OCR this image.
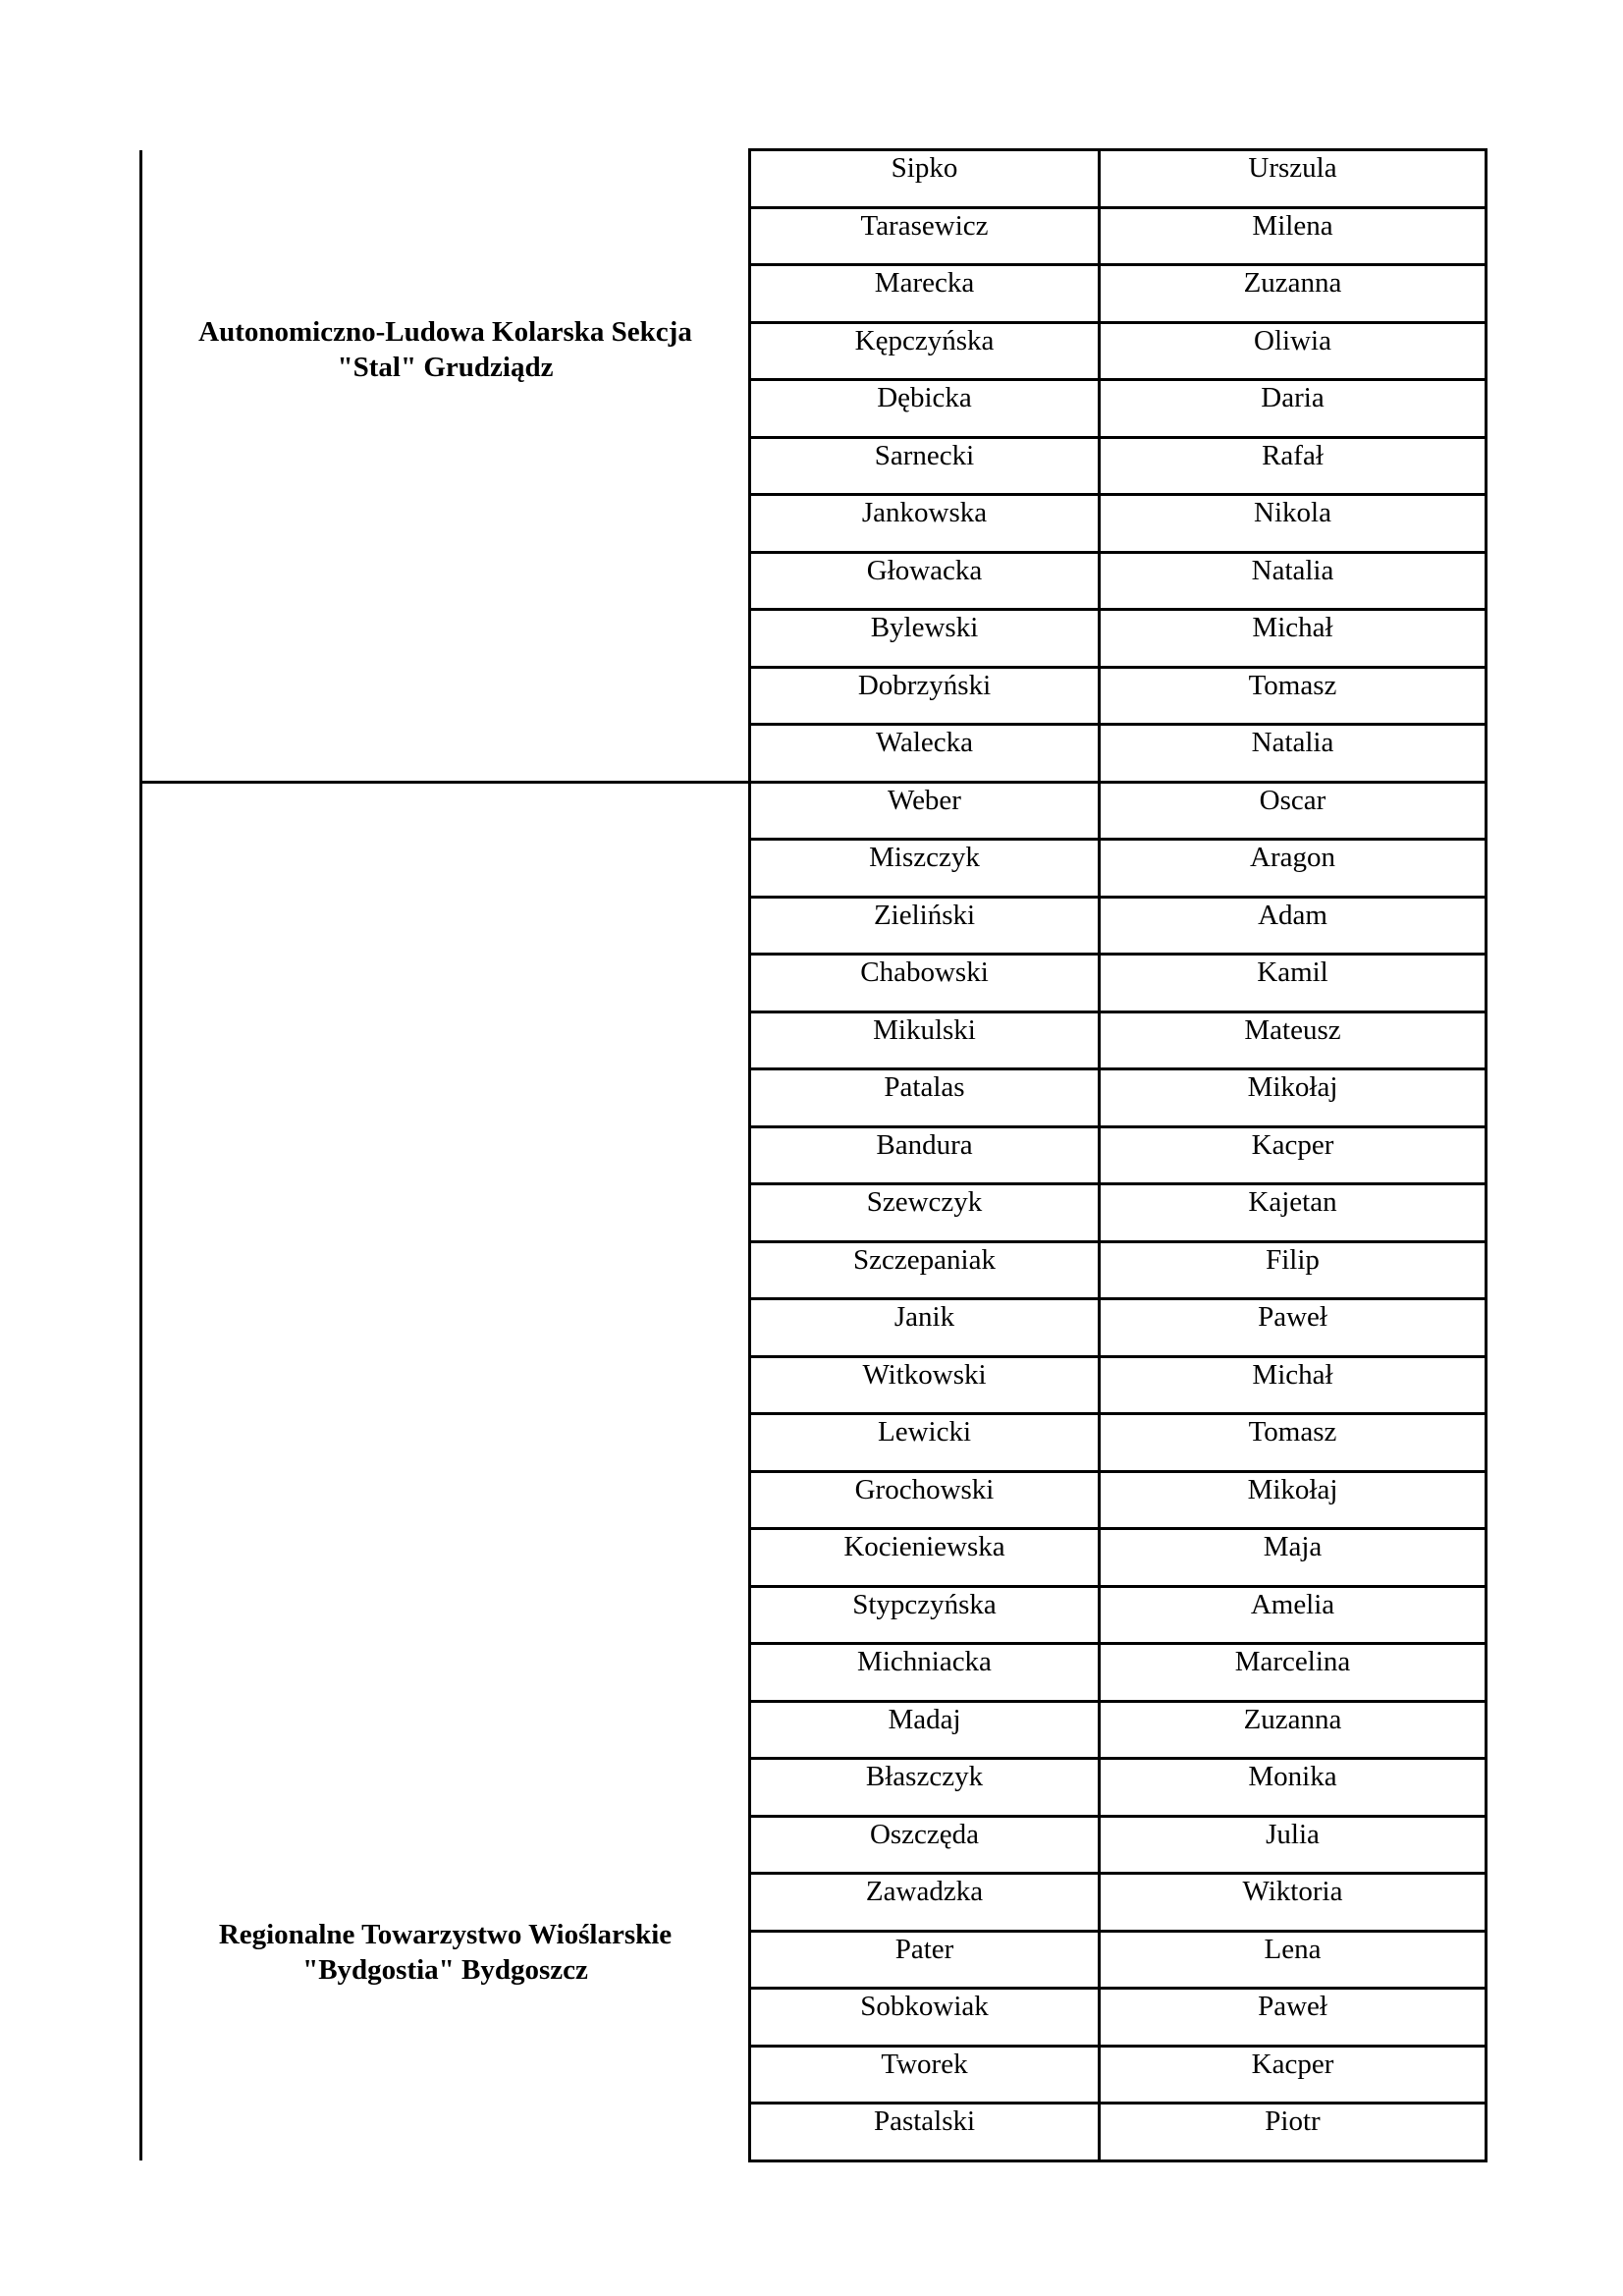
Autonomiczno-Ludowa Kolarska Sekcja
"Stal" Grudziądz	Sipko	Urszula
	Tarasewicz	Milena
	Marecka	Zuzanna
	Kępczyńska	Oliwia
	Dębicka	Daria
	Sarnecki	Rafał
	Jankowska	Nikola
	Głowacka	Natalia
	Bylewski	Michał
	Dobrzyński	Tomasz
	Walecka	Natalia

Regionalne Towarzystwo Wioślarskie
"Bydgostia" Bydgoszcz	Weber	Oscar
	Miszczyk	Aragon
	Zieliński	Adam
	Chabowski	Kamil
	Mikulski	Mateusz
	Patalas	Mikołaj
	Bandura	Kacper
	Szewczyk	Kajetan
	Szczepaniak	Filip
	Janik	Paweł
	Witkowski	Michał
	Lewicki	Tomasz
	Grochowski	Mikołaj
	Kocieniewska	Maja
	Stypczyńska	Amelia
	Michniacka	Marcelina
	Madaj	Zuzanna
	Błaszczyk	Monika
	Oszczęda	Julia
	Zawadzka	Wiktoria
	Pater	Lena
	Sobkowiak	Paweł
	Tworek	Kacper
	Pastalski	Piotr
